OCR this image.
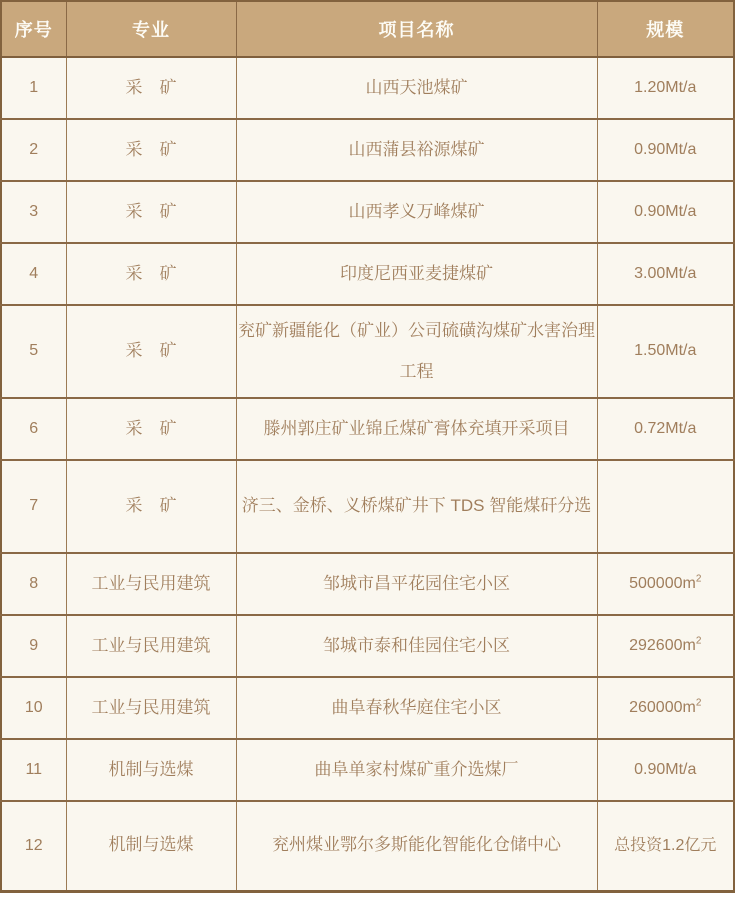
序号	专业	项目名称	规模
1	采　矿	山西天池煤矿	1.20Mt/a
2	采　矿	山西蒲县裕源煤矿	0.90Mt/a
3	采　矿	山西孝义万峰煤矿	0.90Mt/a
4	采　矿	印度尼西亚麦捷煤矿	3.00Mt/a
5	采　矿	兖矿新疆能化（矿业）公司硫磺沟煤矿水害治理工程	1.50Mt/a
6	采　矿	滕州郭庄矿业锦丘煤矿膏体充填开采项目	0.72Mt/a
7	采　矿	济三、金桥、义桥煤矿井下 TDS 智能煤矸分选	
8	工业与民用建筑	邹城市昌平花园住宅小区	$500000m^2$
9	工业与民用建筑	邹城市泰和佳园住宅小区	$292600m^2$
10	工业与民用建筑	曲阜春秋华庭住宅小区	$260000m^2$
11	机制与选煤	曲阜单家村煤矿重介选煤厂	0.90Mt/a
12	机制与选煤	兖州煤业鄂尔多斯能化智能化仓储中心	总投资1.2亿元
